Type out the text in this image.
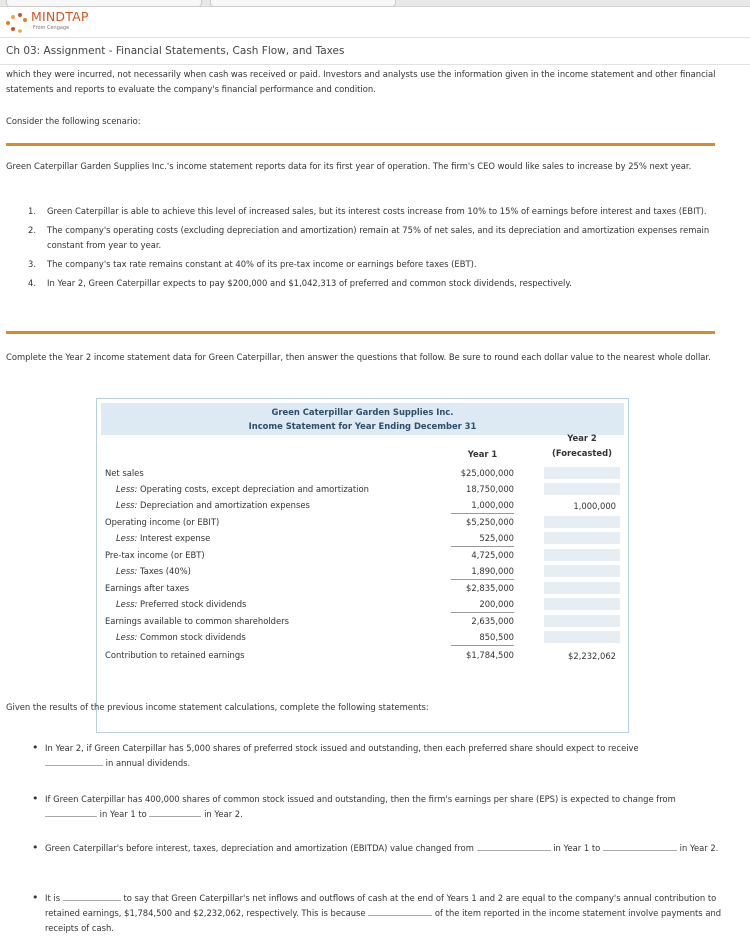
MINDTAP
From Cengage
Ch 03: Assignment - Financial Statements, Cash Flow, and Taxes
which they were incurred, not necessarily when cash was received or paid. Investors and analysts use the information given in the income statement and other financial statements and reports to evaluate the company's financial performance and condition.
Consider the following scenario:
Green Caterpillar Garden Supplies Inc.'s income statement reports data for its first year of operation. The firm's CEO would like sales to increase by 25% next year.
1. Green Caterpillar is able to achieve this level of increased sales, but its interest costs increase from 10% to 15% of earnings before interest and taxes (EBIT).
2. The company's operating costs (excluding depreciation and amortization) remain at 75% of net sales, and its depreciation and amortization expenses remain constant from year to year.
3. The company's tax rate remains constant at 40% of its pre-tax income or earnings before taxes (EBT).
4. In Year 2, Green Caterpillar expects to pay $200,000 and $1,042,313 of preferred and common stock dividends, respectively.
Complete the Year 2 income statement data for Green Caterpillar, then answer the questions that follow. Be sure to round each dollar value to the nearest whole dollar.
Green Caterpillar Garden Supplies Inc.
Income Statement for Year Ending December 31
Year 1
Year 2
(Forecasted)
Net sales	$25,000,000
Less: Operating costs, except depreciation and amortization	18,750,000
Less: Depreciation and amortization expenses	1,000,000	1,000,000
Operating income (or EBIT)	$5,250,000
Less: Interest expense	525,000
Pre-tax income (or EBT)	4,725,000
Less: Taxes (40%)	1,890,000
Earnings after taxes	$2,835,000
Less: Preferred stock dividends	200,000
Earnings available to common shareholders	2,635,000
Less: Common stock dividends	850,500
Contribution to retained earnings	$1,784,500	$2,232,062
Given the results of the previous income statement calculations, complete the following statements:
• In Year 2, if Green Caterpillar has 5,000 shares of preferred stock issued and outstanding, then each preferred share should expect to receive
in annual dividends.
• If Green Caterpillar has 400,000 shares of common stock issued and outstanding, then the firm's earnings per share (EPS) is expected to change from  in Year 1 to	in Year 2.
• Green Caterpillar's before interest, taxes, depreciation and amortization (EBITDA) value changed from	in Year 1 to	in Year 2.
• It is	to say that Green Caterpillar's net inflows and outflows of cash at the end of Years 1 and 2 are equal to the company's annual contribution to retained earnings, $1,784,500 and $2,232,062, respectively. This is because	of the item reported in the income statement involve payments and receipts of cash.
